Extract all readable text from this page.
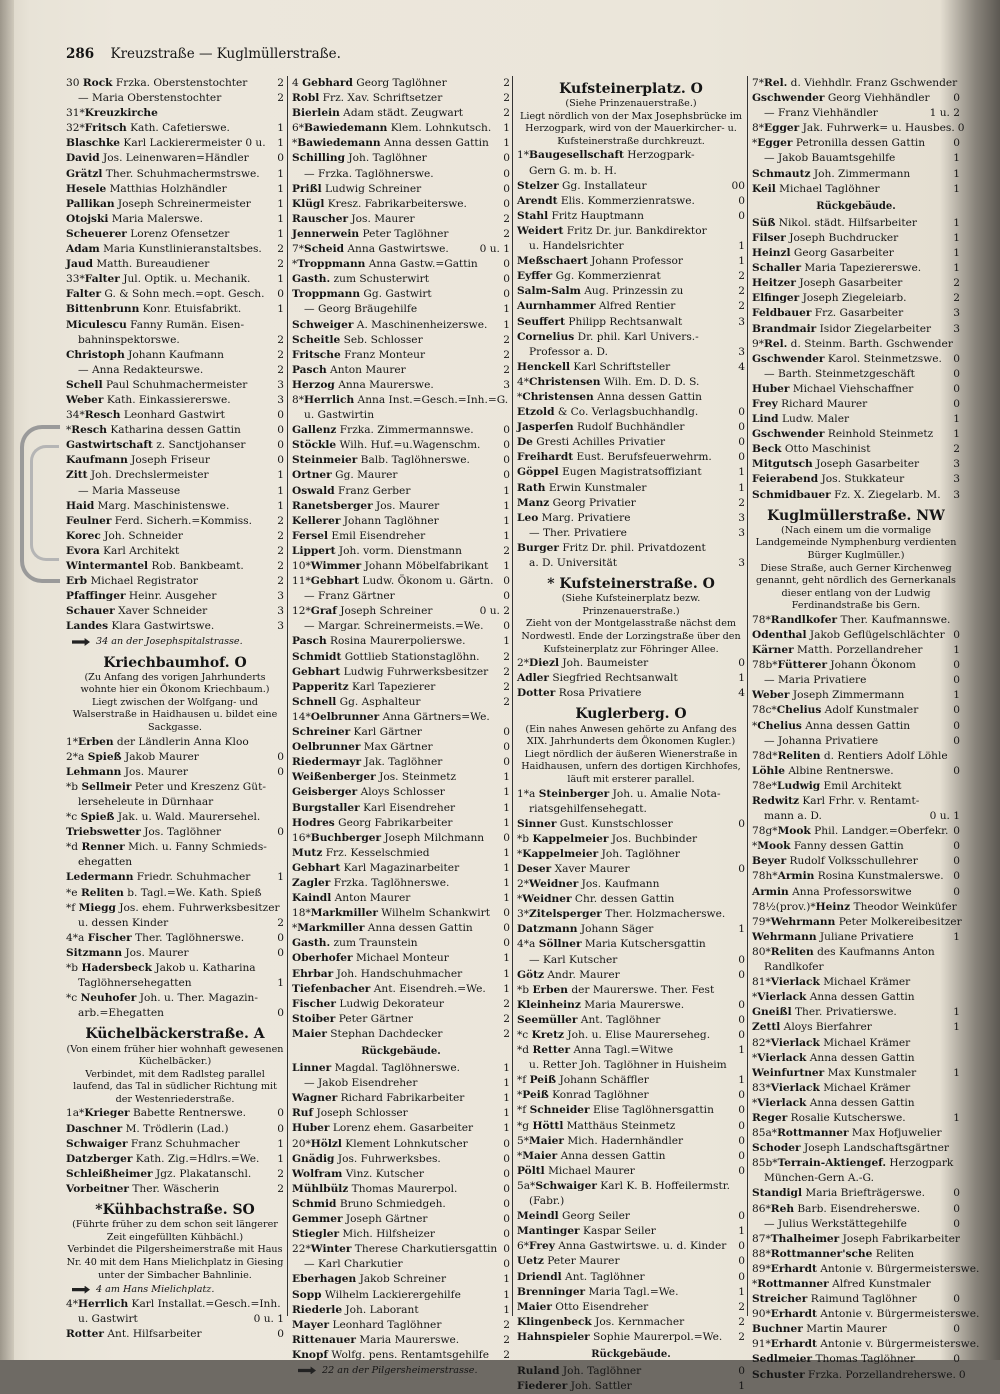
286 Kreuzstraße — Kuglmüllerstraße.
30 Rock Frzka. Oberstenstochter	2
— Maria Oberstenstochter	2
31*Kreuzkirche
32*Fritsch Kath. Cafetierswe.	1
Blaschke Karl Lackierermeister 0 u.	1
David Jos. Leinenwaren=Händler	0
Grätzl Ther. Schuhmachermstrswe.	1
Hesele Matthias Holzhändler	1
Pallikan Joseph Schreinermeister	1
Otojski Maria Malerswe.	1
Scheuerer Lorenz Ofensetzer	1
Adam Maria Kunstlinieranstaltsbes.	2
Jaud Matth. Bureaudiener	2
33*Falter Jul. Optik. u. Mechanik.	1
Falter G. & Sohn mech.=opt. Gesch.	0
Bittenbrunn Konr. Etuisfabrikt.	1
Miculescu Fanny Rumän. Eisen-
bahninspektorswe.	2
Christoph Johann Kaufmann	2
— Anna Redakteurswe.	2
Schell Paul Schuhmachermeister	3
Weber Kath. Einkassiererswe.	3
34*Resch Leonhard Gastwirt	0
*Resch Katharina dessen Gattin	0
Gastwirtschaft z. Sanctjohanser	0
Kaufmann Joseph Friseur	0
Zitt Joh. Drechslermeister	1
— Maria Masseuse	1
Haid Marg. Maschinistenswe.	1
Feulner Ferd. Sicherh.=Kommiss.	2
Korec Joh. Schneider	2
Evora Karl Architekt	2
Wintermantel Rob. Bankbeamt.	2
Erb Michael Registrator	2
Pfaffinger Heinr. Ausgeher	3
Schauer Xaver Schneider	3
Landes Klara Gastwirtswe.	3
34 an der Josephspitalstrasse.
Kriechbaumhof. O
(Zu Anfang des vorigen Jahrhunderts wohnte hier ein Ökonom Kriechbaum.)
Liegt zwischen der Wolfgang- und Walserstraße in Haidhausen u. bildet eine Sackgasse.
1*Erben der Ländlerin Anna Kloo
2*a Spieß Jakob Maurer	0
Lehmann Jos. Maurer	0
*b Sellmeir Peter und Kreszenz Güt-
lerseheleute in Dürnhaar
*c Spieß Jak. u. Wald. Maurersehel.
Triebswetter Jos. Taglöhner	0
*d Renner Mich. u. Fanny Schmieds-
ehegatten
Ledermann Friedr. Schuhmacher	1
*e Reliten b. Tagl.=We. Kath. Spieß
*f Miegg Jos. ehem. Fuhrwerksbesitzer
u. dessen Kinder	2
4*a Fischer Ther. Taglöhnerswe.	0
Sitzmann Jos. Maurer	0
*b Hadersbeck Jakob u. Katharina
Taglöhnersehegatten	1
*c Neuhofer Joh. u. Ther. Magazin-
arb.=Ehegatten	0
Küchelbäckerstraße. A
(Von einem früher hier wohnhaft gewesenen Küchelbäcker.)
Verbindet, mit dem Radlsteg parallel laufend, das Tal in südlicher Richtung mit der Westenriederstraße.
1a*Krieger Babette Rentnerswe.	0
Daschner M. Trödlerin (Lad.)	0
Schwaiger Franz Schuhmacher	1
Datzberger Kath. Zig.=Hdlrs.=We.	1
Schleißheimer Jgz. Plakatanschl.	2
Vorbeitner Ther. Wäscherin	2
*Kühbachstraße. SO
(Führte früher zu dem schon seit längerer Zeit eingefüllten Kühbächl.)
Verbindet die Pilgersheimerstraße mit Haus Nr. 40 mit dem Hans Mielichplatz in Giesing unter der Simbacher Bahnlinie.
4 am Hans Mielichplatz.
4*Herrlich Karl Installat.=Gesch.=Inh.
u. Gastwirt	0 u. 1
Rotter Ant. Hilfsarbeiter	0
4 Gebhard Georg Taglöhner	2
Robl Frz. Xav. Schriftsetzer	2
Bierlein Adam städt. Zeugwart	2
6*Bawiedemann Klem. Lohnkutsch.	1
*Bawiedemann Anna dessen Gattin	1
Schilling Joh. Taglöhner	0
— Frzka. Taglöhnerswe.	0
Prißl Ludwig Schreiner	0
Klügl Kresz. Fabrikarbeiterswe.	0
Rauscher Jos. Maurer	2
Jennerwein Peter Taglöhner	2
7*Scheid Anna Gastwirtswe.	0 u. 1
*Troppmann Anna Gastw.=Gattin	0
Gasth. zum Schusterwirt	0
Troppmann Gg. Gastwirt	0
— Georg Bräugehilfe	1
Schweiger A. Maschinenheizerswe.	1
Scheitle Seb. Schlosser	2
Fritsche Franz Monteur	2
Pasch Anton Maurer	2
Herzog Anna Maurerswe.	3
8*Herrlich Anna Inst.=Gesch.=Inh.=G.
u. Gastwirtin
Gallenz Frzka. Zimmermannswe.	0
Stöckle Wilh. Huf.=u.Wagenschm.	0
Steinmeier Balb. Taglöhnerswe.	0
Ortner Gg. Maurer	0
Oswald Franz Gerber	1
Ranetsberger Jos. Maurer	1
Kellerer Johann Taglöhner	1
Fersel Emil Eisendreher	1
Lippert Joh. vorm. Dienstmann	2
10*Wimmer Johann Möbelfabrikant	1
11*Gebhart Ludw. Ökonom u. Gärtn. 0
— Franz Gärtner	0
12*Graf Joseph Schreiner	0 u. 2
— Margar. Schreinermeists.=We.	0
Pasch Rosina Maurerpolierswe.	1
Schmidt Gottlieb Stationstaglöhn.	2
Gebhart Ludwig Fuhrwerksbesitzer	2
Papperitz Karl Tapezierer	2
Schnell Gg. Asphalteur	2
14*Oelbrunner Anna Gärtners=We.
Schreiner Karl Gärtner	0
Oelbrunner Max Gärtner	0
Riedermayr Jak. Taglöhner	0
Weißenberger Jos. Steinmetz	1
Geisberger Aloys Schlosser	1
Burgstaller Karl Eisendreher	1
Hodres Georg Fabrikarbeiter	1
16*Buchberger Joseph Milchmann	0
Mutz Frz. Kesselschmied	1
Gebhart Karl Magazinarbeiter	1
Zagler Frzka. Taglöhnerswe.	1
Kaindl Anton Maurer	1
18*Markmiller Wilhelm Schankwirt	0
*Markmiller Anna dessen Gattin	0
Gasth. zum Traunstein	0
Oberhofer Michael Monteur	1
Ehrbar Joh. Handschuhmacher	1
Tiefenbacher Ant. Eisendreh.=We.	1
Fischer Ludwig Dekorateur	2
Stoiber Peter Gärtner	2
Maier Stephan Dachdecker	2
Rückgebäude.
Linner Magdal. Taglöhnerswe.	1
— Jakob Eisendreher	1
Wagner Richard Fabrikarbeiter	1
Ruf Joseph Schlosser	1
Huber Lorenz ehem. Gasarbeiter	1
20*Hölzl Klement Lohnkutscher	0
Gnädig Jos. Fuhrwerksbes.	0
Wolfram Vinz. Kutscher	0
Mühlbülz Thomas Maurerpol.	0
Schmid Bruno Schmiedgeh.	0
Gemmer Joseph Gärtner	0
Stiegler Mich. Hilfsheizer	0
22*Winter Therese Charkutiersgattin 0
— Karl Charkutier	0
Eberhagen Jakob Schreiner	1
Sopp Wilhelm Lackierergehilfe	1
Riederle Joh. Laborant	1
Mayer Leonhard Taglöhner	2
Rittenauer Maria Maurerswe.	2
Knopf Wolfg. pens. Rentamtsgehilfe	2
22 an der Pilgersheimerstrasse.
Kufsteinerplatz. O
(Siehe Prinzenauerstraße.)
Liegt nördlich von der Max Josephsbrücke im Herzogpark, wird von der Mauerkircher- u. Kufsteinerstraße durchkreuzt.
1*Baugesellschaft Herzogpark-
Gern G. m. b. H.
Stelzer Gg. Installateur	00
Arendt Elis. Kommerzienratswe.	0
Stahl Fritz Hauptmann	0
Weidert Fritz Dr. jur. Bankdirektor
u. Handelsrichter	1
Meßschaert Johann Professor	1
Eyffer Gg. Kommerzienrat	2
Salm-Salm Aug. Prinzessin zu	2
Aurnhammer Alfred Rentier	2
Seuffert Philipp Rechtsanwalt	3
Cornelius Dr. phil. Karl Univers.-
Professor a. D.	3
Henckell Karl Schriftsteller	4
4*Christensen Wilh. Em. D. D. S.
*Christensen Anna dessen Gattin
Etzold & Co. Verlagsbuchhandlg.	0
Jasperſen Rudolf Buchhändler	0
De Gresti Achilles Privatier	0
Freihardt Eust. Berufsfeuerwehrm.	0
Göppel Eugen Magistratsoffiziant	1
Rath Erwin Kunstmaler	1
Manz Georg Privatier	2
Leo Marg. Privatiere	3
— Ther. Privatiere	3
Burger Fritz Dr. phil. Privatdozent
a. D. Universität	3
* Kufsteinerstraße. O
(Siehe Kufsteinerplatz bezw. Prinzenauerstraße.)
Zieht von der Montgelasstraße nächst dem Nordwestl. Ende der Lorzingstraße über den Kufsteinerplatz zur Föhringer Allee.
2*Diezl Joh. Baumeister	0
Adler Siegfried Rechtsanwalt	1
Dotter Rosa Privatiere	4
Kuglerberg. O
(Ein nahes Anwesen gehörte zu Anfang des XIX. Jahrhunderts dem Ökonomen Kugler.)
Liegt nördlich der äußeren Wienerstraße in Haidhausen, unfern des dortigen Kirchhofes, läuft mit ersterer parallel.
1*a Steinberger Joh. u. Amalie Nota-
riatsgehilfensehegatt.
Sinner Gust. Kunstschlosser	0
*b Kappelmeier Jos. Buchbinder
*Kappelmeier Joh. Taglöhner
Deser Xaver Maurer	0
2*Weidner Jos. Kaufmann
*Weidner Chr. dessen Gattin
3*Zitelsperger Ther. Holzmacherswe.
Datzmann Johann Säger	1
4*a Söllner Maria Kutschersgattin
— Karl Kutscher	0
Götz Andr. Maurer	0
*b Erben der Maurerswe. Ther. Fest
Kleinheinz Maria Maurerswe.	0
Seemüller Ant. Taglöhner	0
*c Kretz Joh. u. Elise Maurerseheg.	0
*d Retter Anna Tagl.=Witwe	1
u. Retter Joh. Taglöhner in Huisheim
*f Peiß Johann Schäffler	1
*Peiß Konrad Taglöhner	0
*f Schneider Elise Taglöhnersgattin	0
*g Höttl Matthäus Steinmetz	0
5*Maier Mich. Hadernhändler	0
*Maier Anna dessen Gattin	0
Pöltl Michael Maurer	0
5a*Schwaiger Karl K. B. Hoffeilermstr.
(Fabr.)
Meindl Georg Seiler	0
Mantinger Kaspar Seiler	1
6*Frey Anna Gastwirtswe. u. d. Kinder	0
Uetz Peter Maurer	0
Driendl Ant. Taglöhner	0
Brenninger Maria Tagl.=We.	1
Maier Otto Eisendreher	2
Klingenbeck Jos. Kernmacher	2
Hahnspieler Sophie Maurerpol.=We.	2
Rückgebäude.
Ruland Joh. Taglöhner	0
Fiederer Joh. Sattler	1
7*Rel. d. Viehhdlr. Franz Gschwender
Gschwender Georg Viehhändler	0
— Franz Viehhändler	1 u. 2
8*Egger Jak. Fuhrwerk= u. Hausbes. 0
*Egger Petronilla dessen Gattin	0
— Jakob Bauamtsgehilfe	1
Schmautz Joh. Zimmermann	1
Keil Michael Taglöhner	1
Rückgebäude.
Süß Nikol. städt. Hilfsarbeiter	1
Filser Joseph Buchdrucker	1
Heinzl Georg Gasarbeiter	1
Schaller Maria Tapeziererswe.	1
Heitzer Joseph Gasarbeiter	2
Elfinger Joseph Ziegeleiarb.	2
Feldbauer Frz. Gasarbeiter	3
Brandmair Isidor Ziegelarbeiter	3
9*Rel. d. Steinm. Barth. Gschwender
Gschwender Karol. Steinmetzswe.	0
— Barth. Steinmetzgeschäft	0
Huber Michael Viehschaffner	0
Frey Richard Maurer	0
Lind Ludw. Maler	1
Gschwender Reinhold Steinmetz	1
Beck Otto Maschinist	2
Mitgutsch Joseph Gasarbeiter	3
Feierabend Jos. Stukkateur	3
Schmidbauer Fz. X. Ziegelarb. M.	3
Kuglmüllerstraße. NW
(Nach einem um die vormalige Landgemeinde Nymphenburg verdienten Bürger Kuglmüller.)
Diese Straße, auch Gerner Kirchenweg genannt, geht nördlich des Gernerkanals dieser entlang von der Ludwig Ferdinandstraße bis Gern.
78*Randlkofer Ther. Kaufmannswe.
Odenthal Jakob Geflügelschlächter 0
Kärner Matth. Porzellandreher	1
78b*Fütterer Johann Ökonom	0
— Maria Privatiere	0
Weber Joseph Zimmermann	1
78c*Chelius Adolf Kunstmaler	0
*Chelius Anna dessen Gattin	0
— Johanna Privatiere	0
78d*Reliten d. Rentiers Adolf Löhle
Löhle Albine Rentnerswe.	0
78e*Ludwig Emil Architekt
Redwitz Karl Frhr. v. Rentamt-
mann a. D.	0 u. 1
78g*Mook Phil. Landger.=Oberfekr. 0
*Mook Fanny dessen Gattin	0
Beyer Rudolf Volksschullehrer	0
78h*Armin Rosina Kunstmalerswe. 0
Armin Anna Professorswitwe	0
78½(prov.)*Heinz Theodor Weinküfer
79*Wehrmann Peter Molkereibesitzer
Wehrmann Juliane Privatiere	1
80*Reliten des Kaufmanns Anton
Randlkofer
81*Vierlack Michael Krämer
*Vierlack Anna dessen Gattin
Gneißl Ther. Privatierswe.	1
Zettl Aloys Bierfahrer	1
82*Vierlack Michael Krämer
*Vierlack Anna dessen Gattin
Weinfurtner Max Kunstmaler	1
83*Vierlack Michael Krämer
*Vierlack Anna dessen Gattin
Reger Rosalie Kutscherswe.	1
85a*Rottmanner Max Hofjuwelier
Schoder Joseph Landschaftsgärtner
85b*Terrain-Aktiengef. Herzogpark
München-Gern A.-G.
Standigl Maria Briefträgerswe.	0
86*Reh Barb. Eisendreherswe.	0
— Julius Werkstättegehilfe	0
87*Thalheimer Joseph Fabrikarbeiter
88*Rottmanner'sche Reliten
89*Erhardt Antonie v. Bürgermeisterswe.
*Rottmanner Alfred Kunstmaler
Streicher Raimund Taglöhner	0
90*Erhardt Antonie v. Bürgermeisterswe.
Buchner Martin Maurer	0
91*Erhardt Antonie v. Bürgermeisterswe.
Sedlmeier Thomas Taglöhner	0
Schuster Frzka. Porzellandreherswe. 0
